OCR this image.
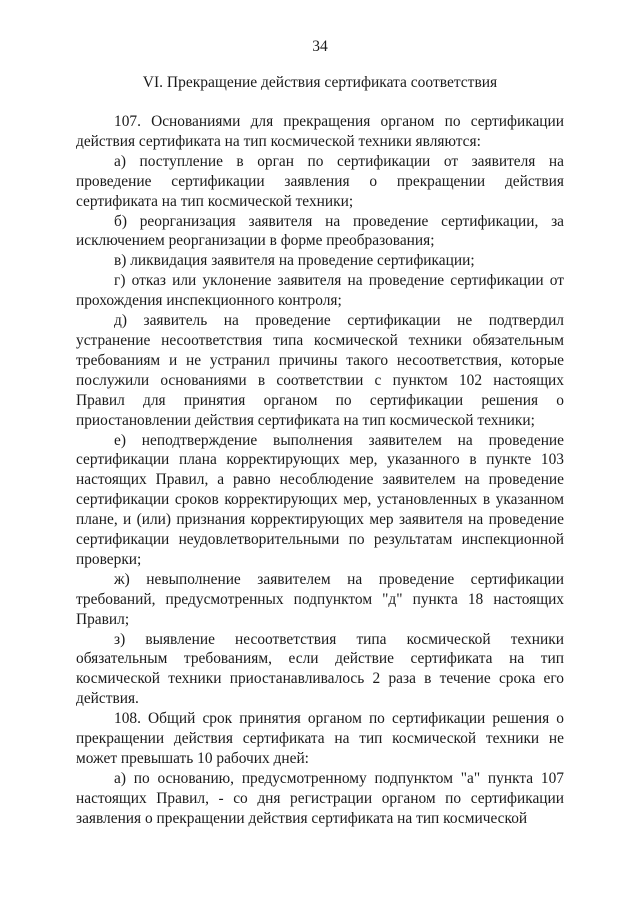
34
VI. Прекращение действия сертификата соответствия

107. Основаниями для прекращения органом по сертификации действия сертификата на тип космической техники являются:

а) поступление в орган по сертификации от заявителя на проведение сертификации заявления о прекращении действия сертификата на тип космической техники;

б) реорганизация заявителя на проведение сертификации, за исключением реорганизации в форме преобразования;

в) ликвидация заявителя на проведение сертификации;

г) отказ или уклонение заявителя на проведение сертификации от прохождения инспекционного контроля;

д) заявитель на проведение сертификации не подтвердил устранение несоответствия типа космической техники обязательным требованиям и не устранил причины такого несоответствия, которые послужили основаниями в соответствии с пунктом 102 настоящих Правил для принятия органом по сертификации решения о приостановлении действия сертификата на тип космической техники;

е) неподтверждение выполнения заявителем на проведение сертификации плана корректирующих мер, указанного в пункте 103 настоящих Правил, а равно несоблюдение заявителем на проведение сертификации сроков корректирующих мер, установленных в указанном плане, и (или) признания корректирующих мер заявителя на проведение сертификации неудовлетворительными по результатам инспекционной проверки;

ж) невыполнение заявителем на проведение сертификации требований, предусмотренных подпунктом "д" пункта 18 настоящих Правил;

з) выявление несоответствия типа космической техники обязательным требованиям, если действие сертификата на тип космической техники приостанавливалось 2 раза в течение срока его действия.

108. Общий срок принятия органом по сертификации решения о прекращении действия сертификата на тип космической техники не может превышать 10 рабочих дней:

а) по основанию, предусмотренному подпунктом "а" пункта 107 настоящих Правил, - со дня регистрации органом по сертификации заявления о прекращении действия сертификата на тип космической
